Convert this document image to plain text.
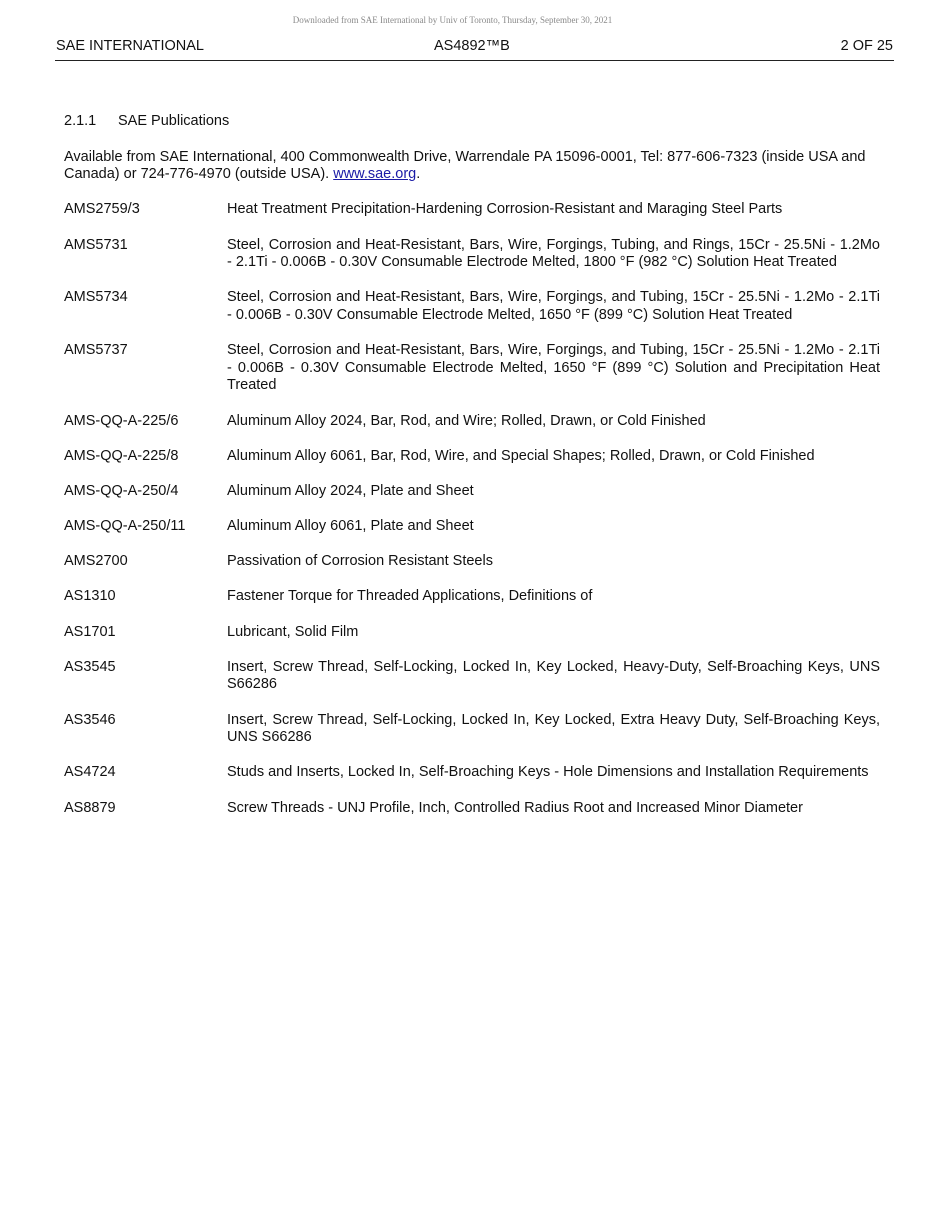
Downloaded from SAE International by Univ of Toronto, Thursday, September 30, 2021
SAE INTERNATIONAL	AS4892™B	2 OF 25

2.1.1 SAE Publications

Available from SAE International, 400 Commonwealth Drive, Warrendale PA 15096-0001, Tel: 877-606-7323 (inside USA and Canada) or 724-776-4970 (outside USA). www.sae.org.

AMS2759/3	Heat Treatment Precipitation-Hardening Corrosion-Resistant and Maraging Steel Parts
AMS5731	Steel, Corrosion and Heat-Resistant, Bars, Wire, Forgings, Tubing, and Rings, 15Cr - 25.5Ni - 1.2Mo - 2.1Ti - 0.006B - 0.30V Consumable Electrode Melted, 1800 °F (982 °C) Solution Heat Treated
AMS5734	Steel, Corrosion and Heat-Resistant, Bars, Wire, Forgings, and Tubing, 15Cr - 25.5Ni - 1.2Mo - 2.1Ti - 0.006B - 0.30V Consumable Electrode Melted, 1650 °F (899 °C) Solution Heat Treated
AMS5737	Steel, Corrosion and Heat-Resistant, Bars, Wire, Forgings, and Tubing, 15Cr - 25.5Ni - 1.2Mo - 2.1Ti - 0.006B - 0.30V Consumable Electrode Melted, 1650 °F (899 °C) Solution and Precipitation Heat Treated
AMS-QQ-A-225/6	Aluminum Alloy 2024, Bar, Rod, and Wire; Rolled, Drawn, or Cold Finished
AMS-QQ-A-225/8	Aluminum Alloy 6061, Bar, Rod, Wire, and Special Shapes; Rolled, Drawn, or Cold Finished
AMS-QQ-A-250/4	Aluminum Alloy 2024, Plate and Sheet
AMS-QQ-A-250/11	Aluminum Alloy 6061, Plate and Sheet
AMS2700	Passivation of Corrosion Resistant Steels
AS1310	Fastener Torque for Threaded Applications, Definitions of
AS1701	Lubricant, Solid Film
AS3545	Insert, Screw Thread, Self-Locking, Locked In, Key Locked, Heavy-Duty, Self-Broaching Keys, UNS S66286
AS3546	Insert, Screw Thread, Self-Locking, Locked In, Key Locked, Extra Heavy Duty, Self-Broaching Keys, UNS S66286
AS4724	Studs and Inserts, Locked In, Self-Broaching Keys - Hole Dimensions and Installation Requirements
AS8879	Screw Threads - UNJ Profile, Inch, Controlled Radius Root and Increased Minor Diameter
